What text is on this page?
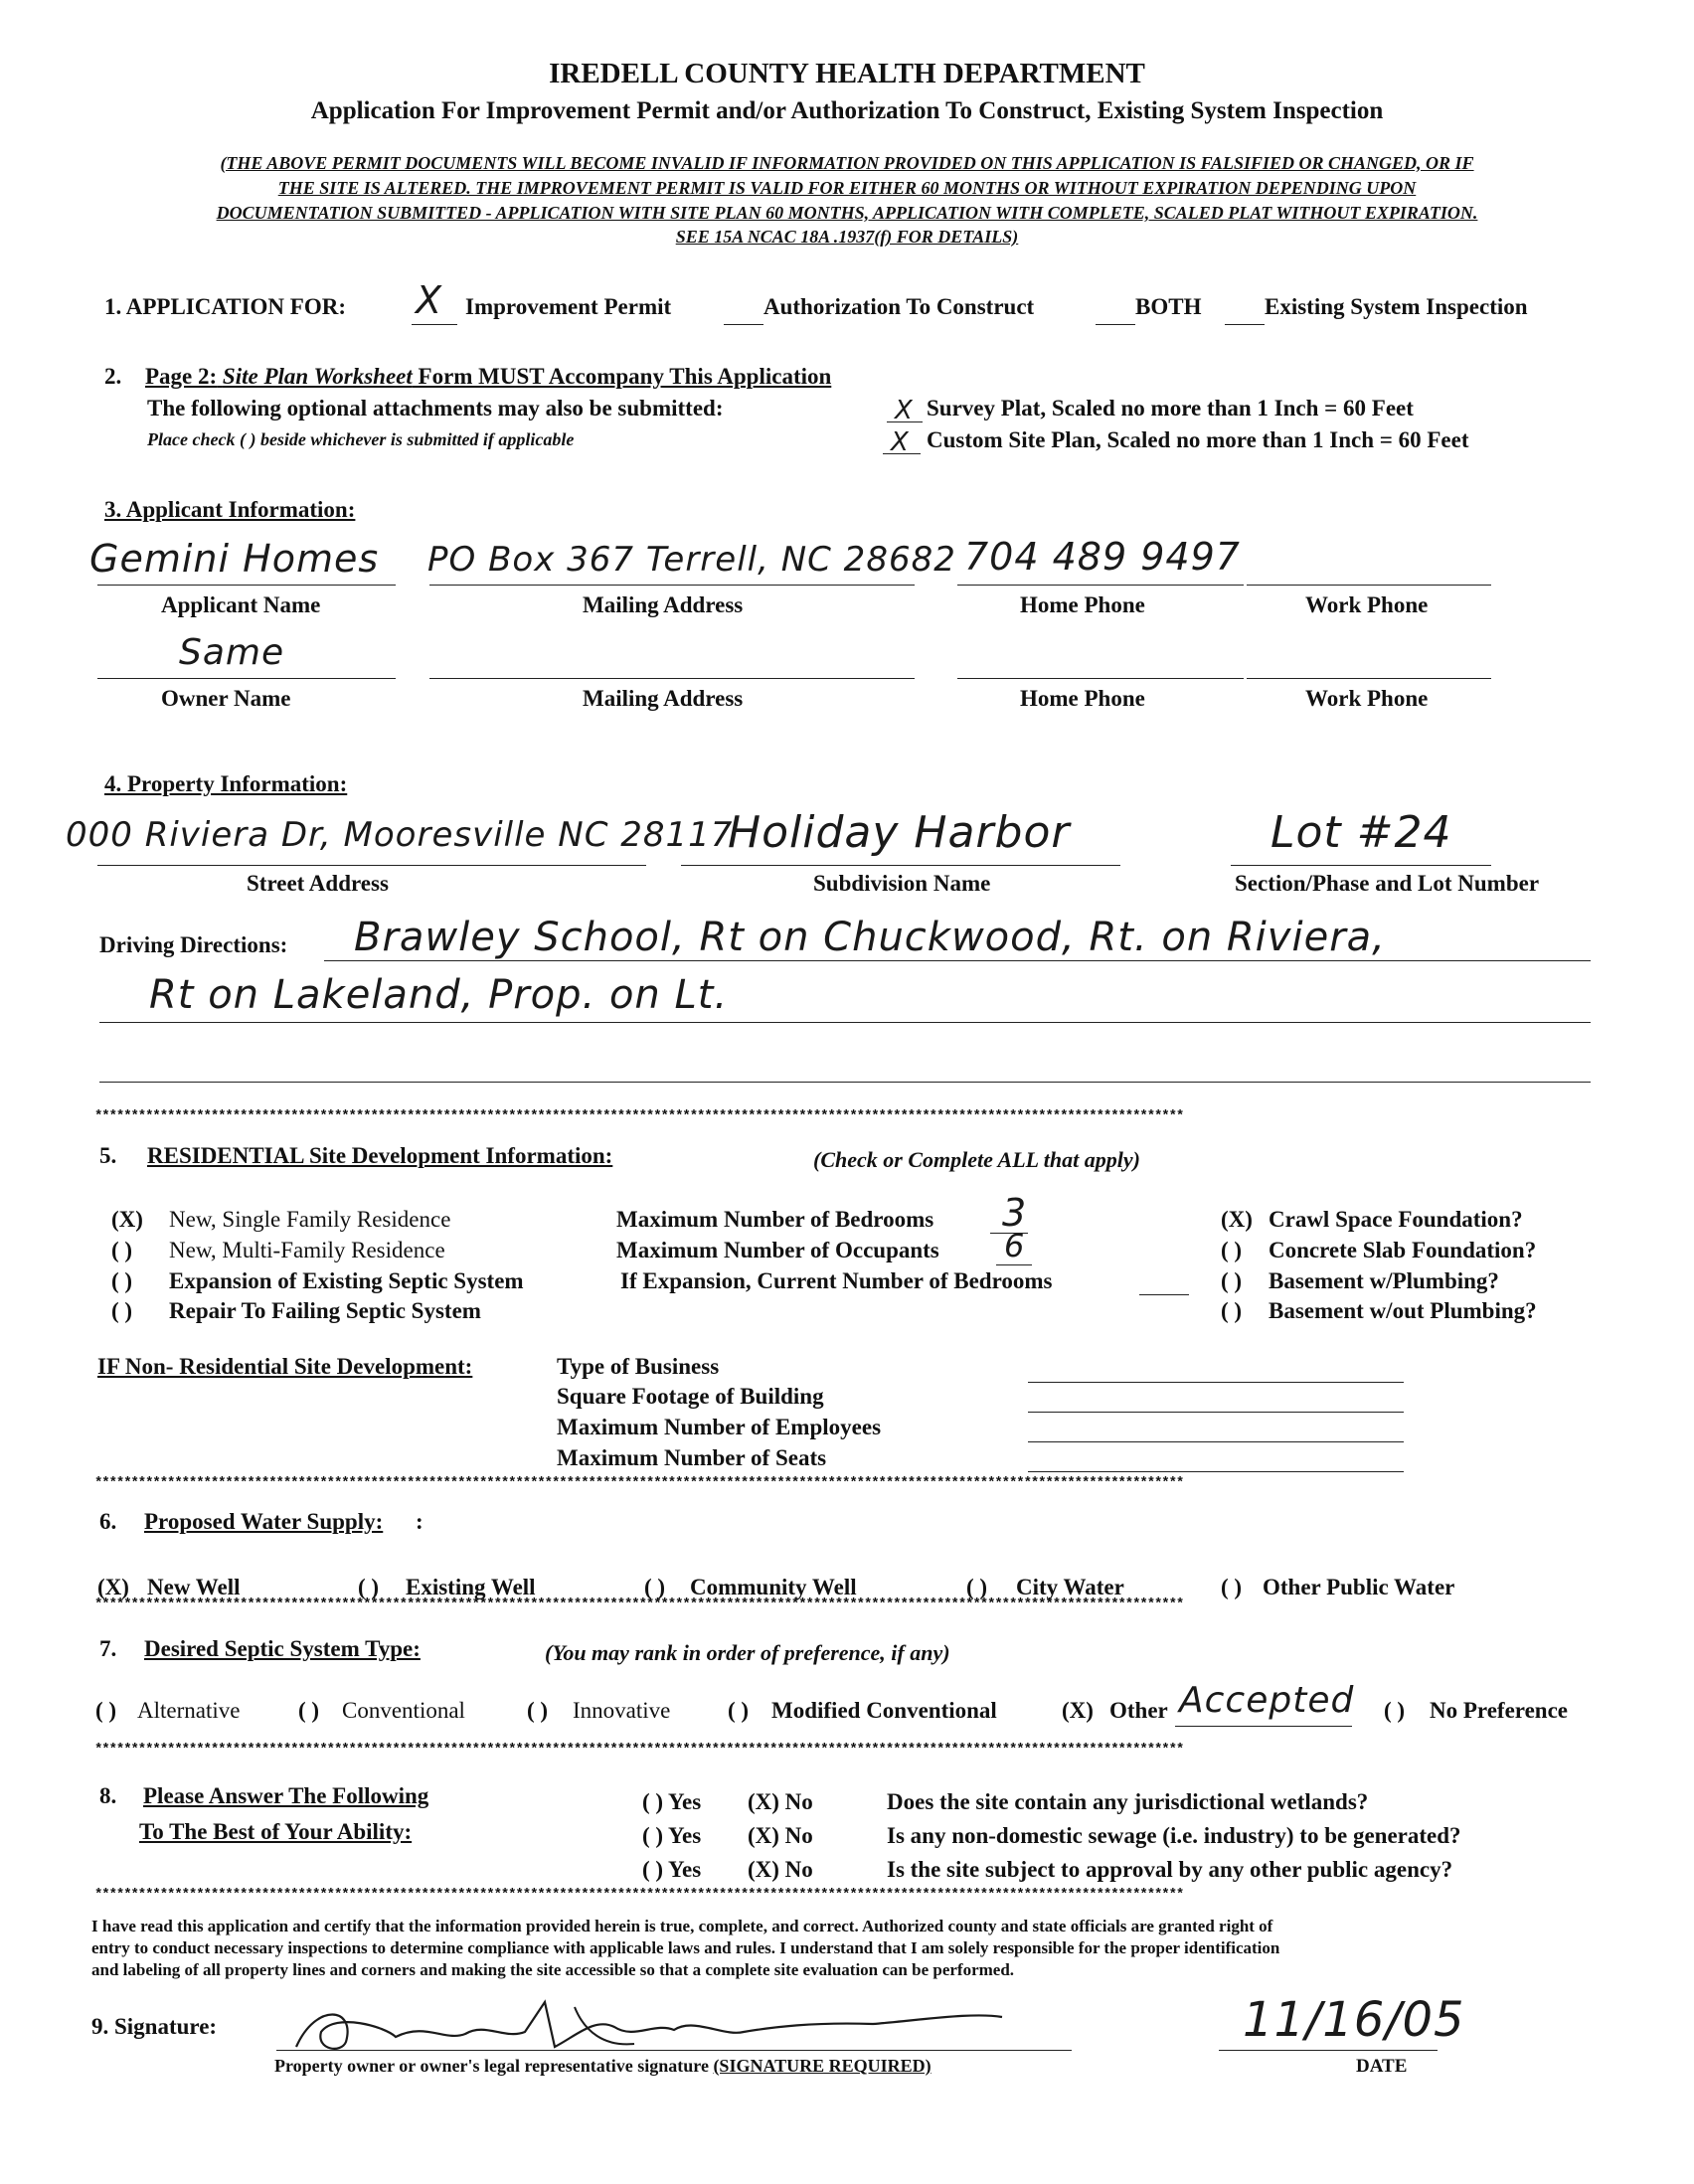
IREDELL COUNTY HEALTH DEPARTMENT
Application For Improvement Permit and/or Authorization To Construct, Existing System Inspection
(THE ABOVE PERMIT DOCUMENTS WILL BECOME INVALID IF INFORMATION PROVIDED ON THIS APPLICATION IS FALSIFIED OR CHANGED, OR IF
THE SITE IS ALTERED. THE IMPROVEMENT PERMIT IS VALID FOR EITHER 60 MONTHS OR WITHOUT EXPIRATION DEPENDING UPON
DOCUMENTATION SUBMITTED - APPLICATION WITH SITE PLAN 60 MONTHS, APPLICATION WITH COMPLETE, SCALED PLAT WITHOUT EXPIRATION.
SEE 15A NCAC 18A .1937(f) FOR DETAILS)
1. APPLICATION FOR: X Improvement Permit	Authorization To Construct	BOTH	Existing System Inspection
2. Page 2: Site Plan Worksheet Form MUST Accompany This Application
The following optional attachments may also be submitted:
Place check ( ) beside whichever is submitted if applicable
X Survey Plat, Scaled no more than 1 Inch = 60 Feet
X Custom Site Plan, Scaled no more than 1 Inch = 60 Feet
3. Applicant Information:
Gemini Homes PO Box 367 Terrell, NC 28682 704 489 9497
Applicant Name	Mailing Address	Home Phone	Work Phone
Same
Owner Name	Mailing Address	Home Phone	Work Phone
4. Property Information:
000 Riviera Dr, Mooresville NC 28117
Holiday Harbor	Lot #24
Street Address	Subdivision Name	Section/Phase and Lot Number
Driving Directions: Brawley School, Rt on Chuckwood, Rt. on Riviera,
Rt on Lakeland, Prop. on Lt.
******************************************************************************************************************************************************
5. RESIDENTIAL Site Development Information:	(Check or Complete ALL that apply)
(X) New, Single Family Residence
( ) New, Multi-Family Residence
( ) Expansion of Existing Septic System
( ) Repair To Failing Septic System
Maximum Number of Bedrooms 3
Maximum Number of Occupants 6
If Expansion, Current Number of Bedrooms
(X) Crawl Space Foundation?
( ) Concrete Slab Foundation?
( ) Basement w/Plumbing?
( ) Basement w/out Plumbing?
IF Non- Residential Site Development:	Type of Business
Square Footage of Building
Maximum Number of Employees
Maximum Number of Seats
******************************************************************************************************************************************************
6. Proposed Water Supply: :
(X) New Well	( ) Existing Well	( ) Community Well	( ) City Water	( ) Other Public Water
******************************************************************************************************************************************************
7. Desired Septic System Type:	(You may rank in order of preference, if any)
( ) Alternative	( ) Conventional	( ) Innovative	( ) Modified Conventional	(X) Other Accepted ( ) No Preference
******************************************************************************************************************************************************
8. Please Answer The Following
To The Best of Your Ability:
( ) Yes (X) No	Does the site contain any jurisdictional wetlands?
( ) Yes (X) No	Is any non-domestic sewage (i.e. industry) to be generated?
( ) Yes (X) No	Is the site subject to approval by any other public agency?
******************************************************************************************************************************************************
I have read this application and certify that the information provided herein is true, complete, and correct. Authorized county and state officials are granted right of
entry to conduct necessary inspections to determine compliance with applicable laws and rules. I understand that I am solely responsible for the proper identification
and labeling of all property lines and corners and making the site accessible so that a complete site evaluation can be performed.
9. Signature:
Property owner or owner's legal representative signature (SIGNATURE REQUIRED)
11/16/05
DATE
